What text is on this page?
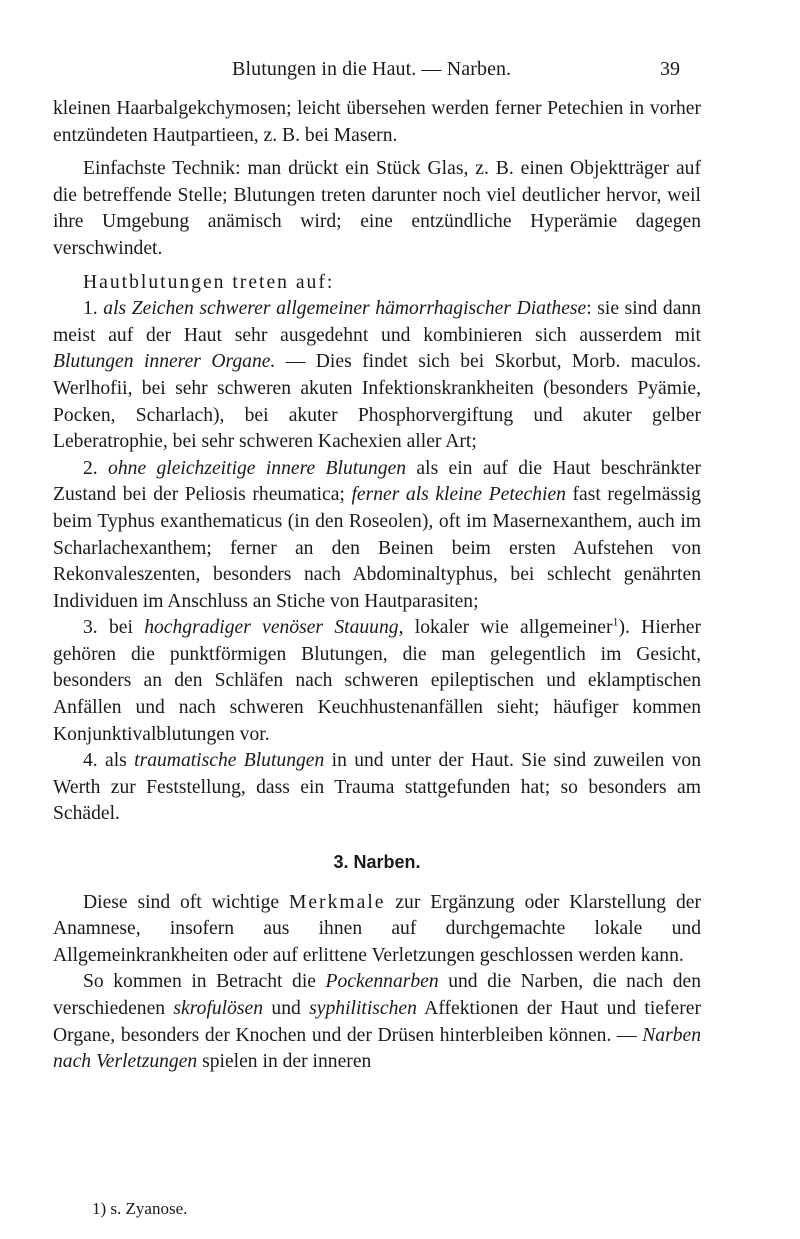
Blutungen in die Haut. — Narben.	39

kleinen Haarbalgekchymosen; leicht übersehen werden ferner Petechien in vorher entzündeten Hautpartieen, z. B. bei Masern.

Einfachste Technik: man drückt ein Stück Glas, z. B. einen Objektträger auf die betreffende Stelle; Blutungen treten darunter noch viel deutlicher hervor, weil ihre Umgebung anämisch wird; eine entzündliche Hyperämie dagegen verschwindet.

Hautblutungen treten auf:

1. als Zeichen schwerer allgemeiner hämorrhagischer Diathese: sie sind dann meist auf der Haut sehr ausgedehnt und kombinieren sich ausserdem mit Blutungen innerer Organe. — Dies findet sich bei Skorbut, Morb. maculos. Werlhofii, bei sehr schweren akuten Infektionskrankheiten (besonders Pyämie, Pocken, Scharlach), bei akuter Phosphorvergiftung und akuter gelber Leberatrophie, bei sehr schweren Kachexien aller Art;

2. ohne gleichzeitige innere Blutungen als ein auf die Haut beschränkter Zustand bei der Peliosis rheumatica; ferner als kleine Petechien fast regelmässig beim Typhus exanthematicus (in den Roseolen), oft im Masernexanthem, auch im Scharlachexanthem; ferner an den Beinen beim ersten Aufstehen von Rekonvaleszenten, besonders nach Abdominaltyphus, bei schlecht genährten Individuen im Anschluss an Stiche von Hautparasiten;

3. bei hochgradiger venöser Stauung, lokaler wie allgemeiner$^1$). Hierher gehören die punktförmigen Blutungen, die man gelegentlich im Gesicht, besonders an den Schläfen nach schweren epileptischen und eklamptischen Anfällen und nach schweren Keuchhustenanfällen sieht; häufiger kommen Konjunktivalblutungen vor.

4. als traumatische Blutungen in und unter der Haut. Sie sind zuweilen von Werth zur Feststellung, dass ein Trauma stattgefunden hat; so besonders am Schädel.

3. Narben.

Diese sind oft wichtige Merkmale zur Ergänzung oder Klarstellung der Anamnese, insofern aus ihnen auf durchgemachte lokale und Allgemeinkrankheiten oder auf erlittene Verletzungen geschlossen werden kann.

So kommen in Betracht die Pockennarben und die Narben, die nach den verschiedenen skrofulösen und syphilitischen Affektionen der Haut und tieferer Organe, besonders der Knochen und der Drüsen hinterbleiben können. — Narben nach Verletzungen spielen in der inneren

1) s. Zyanose.
